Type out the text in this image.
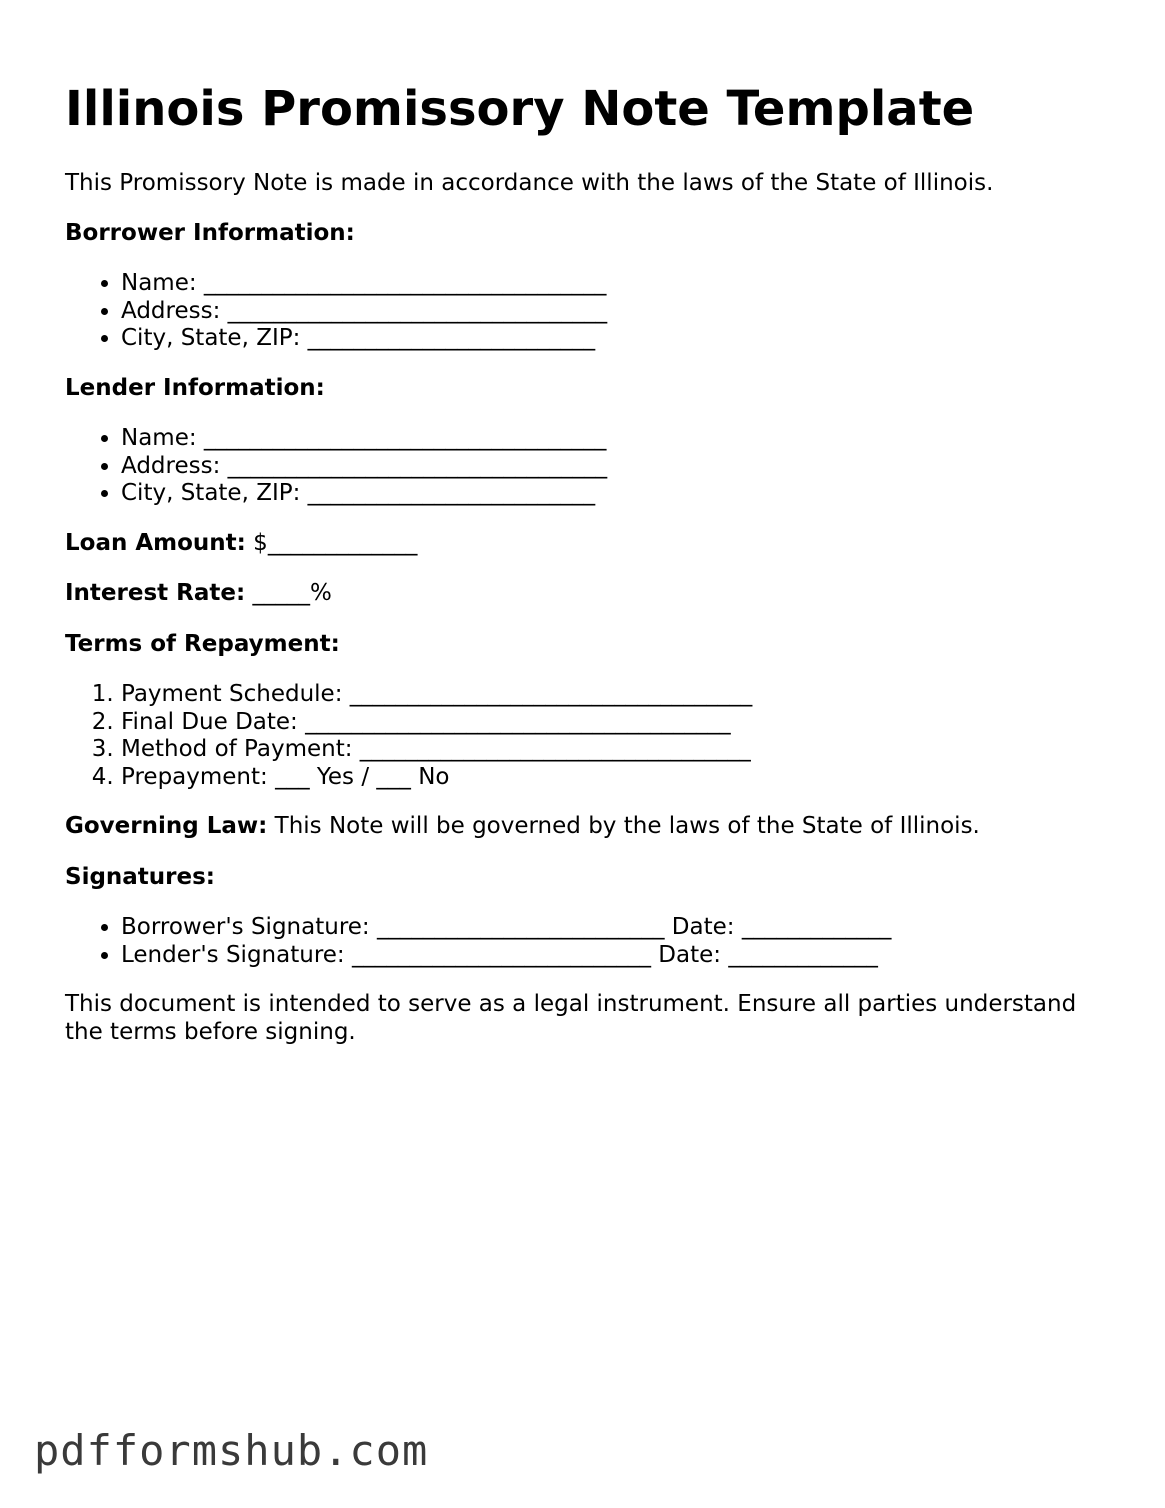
Illinois Promissory Note Template

This Promissory Note is made in accordance with the laws of the State of Illinois.

Borrower Information:
• Name: ___________________________________
• Address: _________________________________
• City, State, ZIP: _________________________
Lender Information:
• Name: ___________________________________
• Address: _________________________________
• City, State, ZIP: _________________________
Loan Amount: $_____________
Interest Rate: _____%
Terms of Repayment:
1. Payment Schedule: ___________________________________
2. Final Due Date: _____________________________________
3. Method of Payment: __________________________________
4. Prepayment: ___ Yes / ___ No
Governing Law: This Note will be governed by the laws of the State of Illinois.
Signatures:
• Borrower's Signature: _________________________ Date: _____________
• Lender's Signature: __________________________ Date: _____________

This document is intended to serve as a legal instrument. Ensure all parties understand the terms before signing.

pdfformshub.com
